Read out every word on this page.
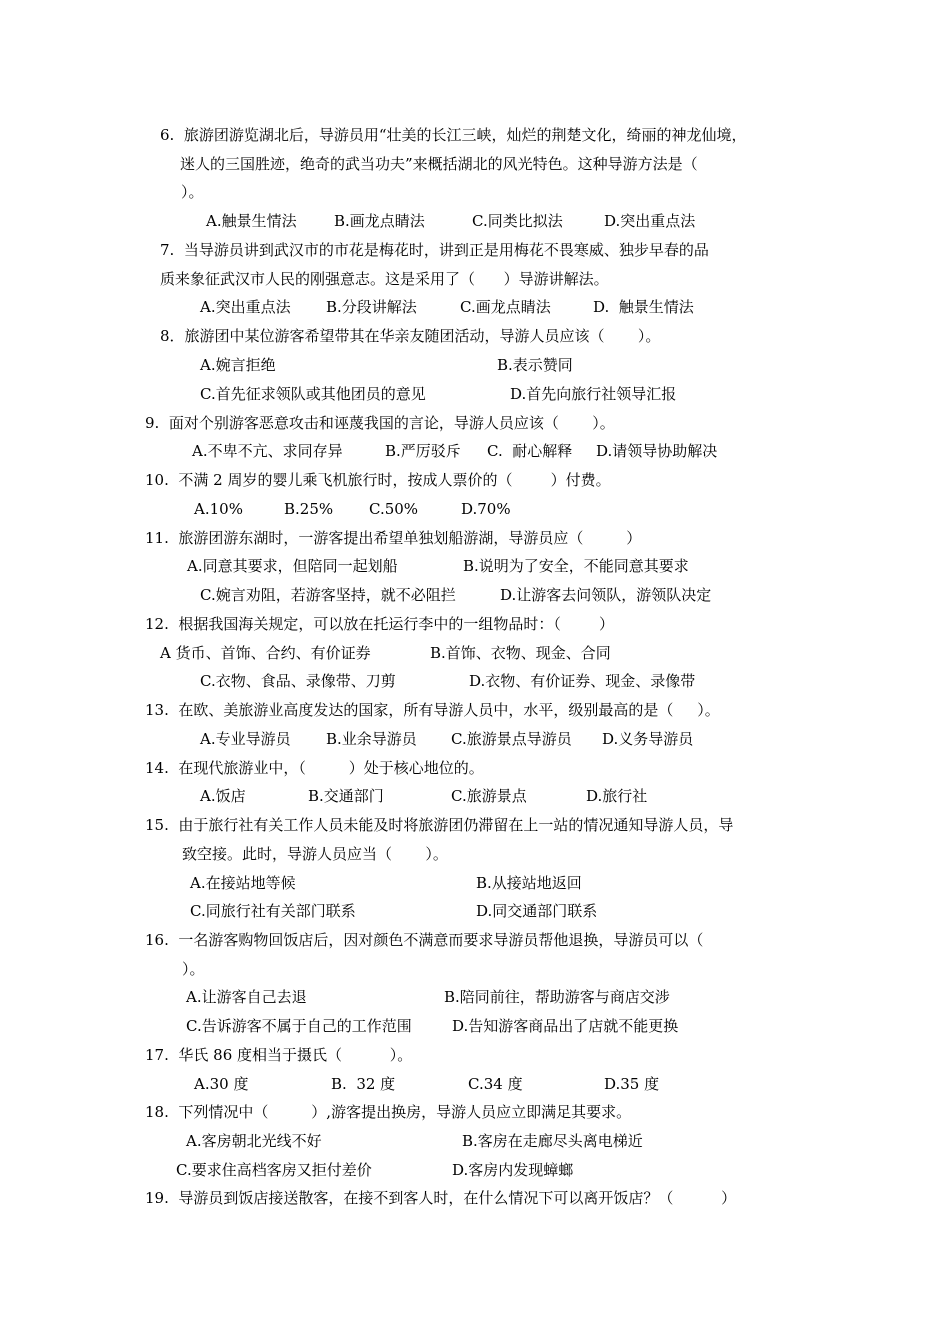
6.  旅游团游览湖北后，导游员用“壮美的长江三峡，灿烂的荆楚文化，绮丽的神龙仙境，
迷人的三国胜迹，绝奇的武当功夫”来概括湖北的风光特色。这种导游方法是（
）。
A.触景生情法 B.画龙点睛法	C.同类比拟法	D.突出重点法
7.  当导游员讲到武汉市的市花是梅花时，讲到正是用梅花不畏寒威、独步早春的品
质来象征武汉市人民的刚强意志。这是采用了（      ）导游讲解法。
A.突出重点法 B.分段讲解法	C.画龙点睛法	D.  触景生情法
8．旅游团中某位游客希望带其在华亲友随团活动，导游人员应该（       ）。
A.婉言拒绝	B.表示赞同
C.首先征求领队或其他团员的意见	D.首先向旅行社领导汇报
9.  面对个别游客恶意攻击和诬蔑我国的言论，导游人员应该（       ）。
A.不卑不亢、求同存异	B.严厉驳斥 C.  耐心解释 D.请领导协助解决
10.  不满 2 周岁的婴儿乘飞机旅行时，按成人票价的（        ）付费。
A.10%	B.25% C.50%	D.70%
11.  旅游团游东湖时，一游客提出希望单独划船游湖，导游员应（         ）
A.同意其要求，但陪同一起划船	B.说明为了安全，不能同意其要求
C.婉言劝阻，若游客坚持，就不必阻拦	D.让游客去问领队，游领队决定
12.  根据我国海关规定，可以放在托运行李中的一组物品时：（        ）
A 货币、首饰、合约、有价证券	B.首饰、衣物、现金、合同
C.衣物、食品、录像带、刀剪	D.衣物、有价证券、现金、录像带
13.  在欧、美旅游业高度发达的国家，所有导游人员中，水平，级别最高的是（     ）。
A.专业导游员 B.业余导游员 C.旅游景点导游员 D.义务导游员
14.  在现代旅游业中，（         ）处于核心地位的。
A.饭店	B.交通部门	C.旅游景点	D.旅行社
15.  由于旅行社有关工作人员未能及时将旅游团仍滞留在上一站的情况通知导游人员，导
致空接。此时，导游人员应当（       ）。
A.在接站地等候	B.从接站地返回
C.同旅行社有关部门联系	D.同交通部门联系
16.  一名游客购物回饭店后，因对颜色不满意而要求导游员帮他退换，导游员可以（
）。
A.让游客自己去退	B.陪同前往，帮助游客与商店交涉
C.告诉游客不属于自己的工作范围	D.告知游客商品出了店就不能更换
17.  华氏 86 度相当于摄氏（          ）。
A.30 度	B.  32 度	C.34 度	D.35 度
18.  下列情况中（         ）,游客提出换房，导游人员应立即满足其要求。
A.客房朝北光线不好	B.客房在走廊尽头离电梯近
C.要求住高档客房又拒付差价	D.客房内发现蟑螂
19.  导游员到饭店接送散客，在接不到客人时，在什么情况下可以离开饭店？（          ）
